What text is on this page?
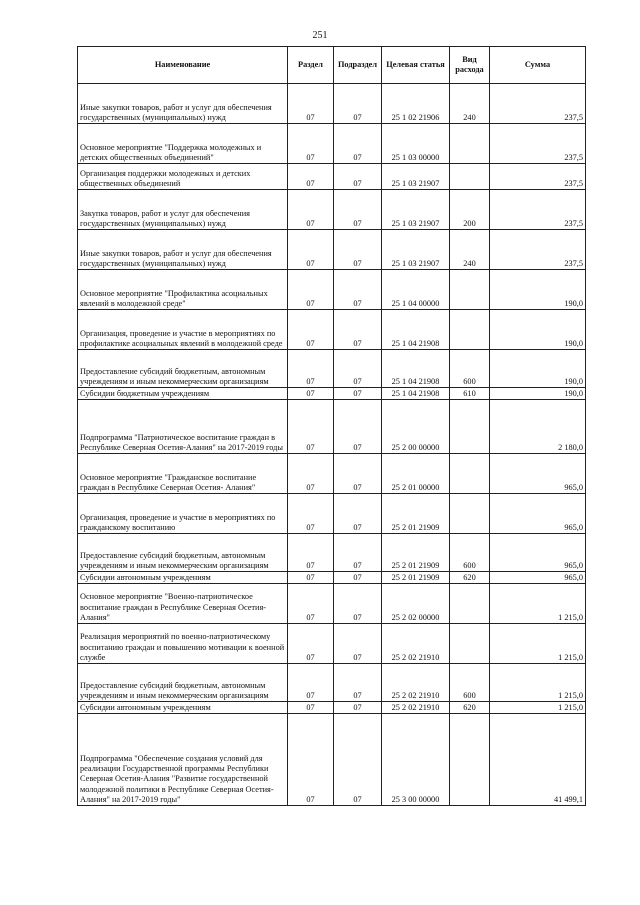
251
Наименование	Раздел	Подраздел	Целевая статья	Вид расхода	Сумма
Иные закупки товаров, работ и услуг для обеспечения государственных (муниципальных) нужд	07	07	25 1 02 21906	240	237,5
Основное мероприятие "Поддержка молодежных и детских общественных объединений"	07	07	25 1 03 00000		237,5
Организация поддержки молодежных и детских общественных объединений	07	07	25 1 03 21907		237,5
Закупка товаров, работ и услуг для обеспечения государственных (муниципальных) нужд	07	07	25 1 03 21907	200	237,5
Иные закупки товаров, работ и услуг для обеспечения государственных (муниципальных) нужд	07	07	25 1 03 21907	240	237,5
Основное мероприятие "Профилактика асоциальных явлений в молодежной среде"	07	07	25 1 04 00000		190,0
Организация, проведение и участие в мероприятиях по профилактике асоциальных явлений в молодежной среде	07	07	25 1 04 21908		190,0
Предоставление субсидий бюджетным, автономным учреждениям и иным некоммерческим организациям	07	07	25 1 04 21908	600	190,0
Субсидии бюджетным учреждениям	07	07	25 1 04 21908	610	190,0
Подпрограмма "Патриотическое воспитание граждан в Республике Северная Осетия-Алания" на 2017-2019 годы	07	07	25 2 00 00000		2 180,0
Основное мероприятие "Гражданское воспитание граждан в Республике Северная Осетия- Алания"	07	07	25 2 01 00000		965,0
Организация, проведение и участие в мероприятиях по гражданскому воспитанию	07	07	25 2 01 21909		965,0
Предоставление субсидий бюджетным, автономным учреждениям и иным некоммерческим организациям	07	07	25 2 01 21909	600	965,0
Субсидии автономным учреждениям	07	07	25 2 01 21909	620	965,0
Основное мероприятие "Военно-патриотическое воспитание граждан в Республике Северная Осетия- Алания"	07	07	25 2 02 00000		1 215,0
Реализация мероприятий по военно-патриотическому воспитанию граждан и повышению мотивации к военной службе	07	07	25 2 02 21910		1 215,0
Предоставление субсидий бюджетным, автономным учреждениям и иным некоммерческим организациям	07	07	25 2 02 21910	600	1 215,0
Субсидии автономным учреждениям	07	07	25 2 02 21910	620	1 215,0
Подпрограмма "Обеспечение создания условий для реализации Государственной программы Республики Северная Осетия-Алания "Развитие государственной молодежной политики в Республике Северная Осетия-Алания" на 2017-2019 годы"	07	07	25 3 00 00000		41 499,1
